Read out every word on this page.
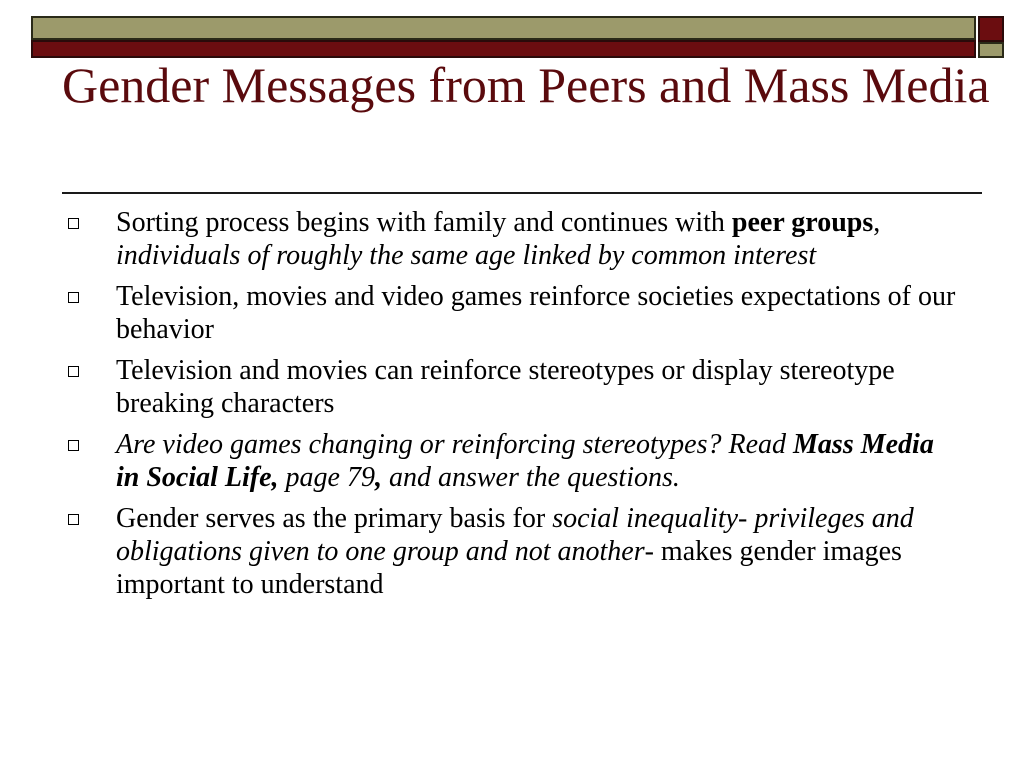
Gender Messages from Peers and Mass Media
Sorting process begins with family and continues with peer groups, individuals of roughly the same age linked by common interest
Television, movies and video games reinforce societies expectations of our behavior
Television and movies can reinforce stereotypes or display stereotype breaking characters
Are video games changing or reinforcing stereotypes? Read Mass Media in Social Life, page 79, and answer the questions.
Gender serves as the primary basis for social inequality- privileges and obligations given to one group and not another- makes gender images important to understand
